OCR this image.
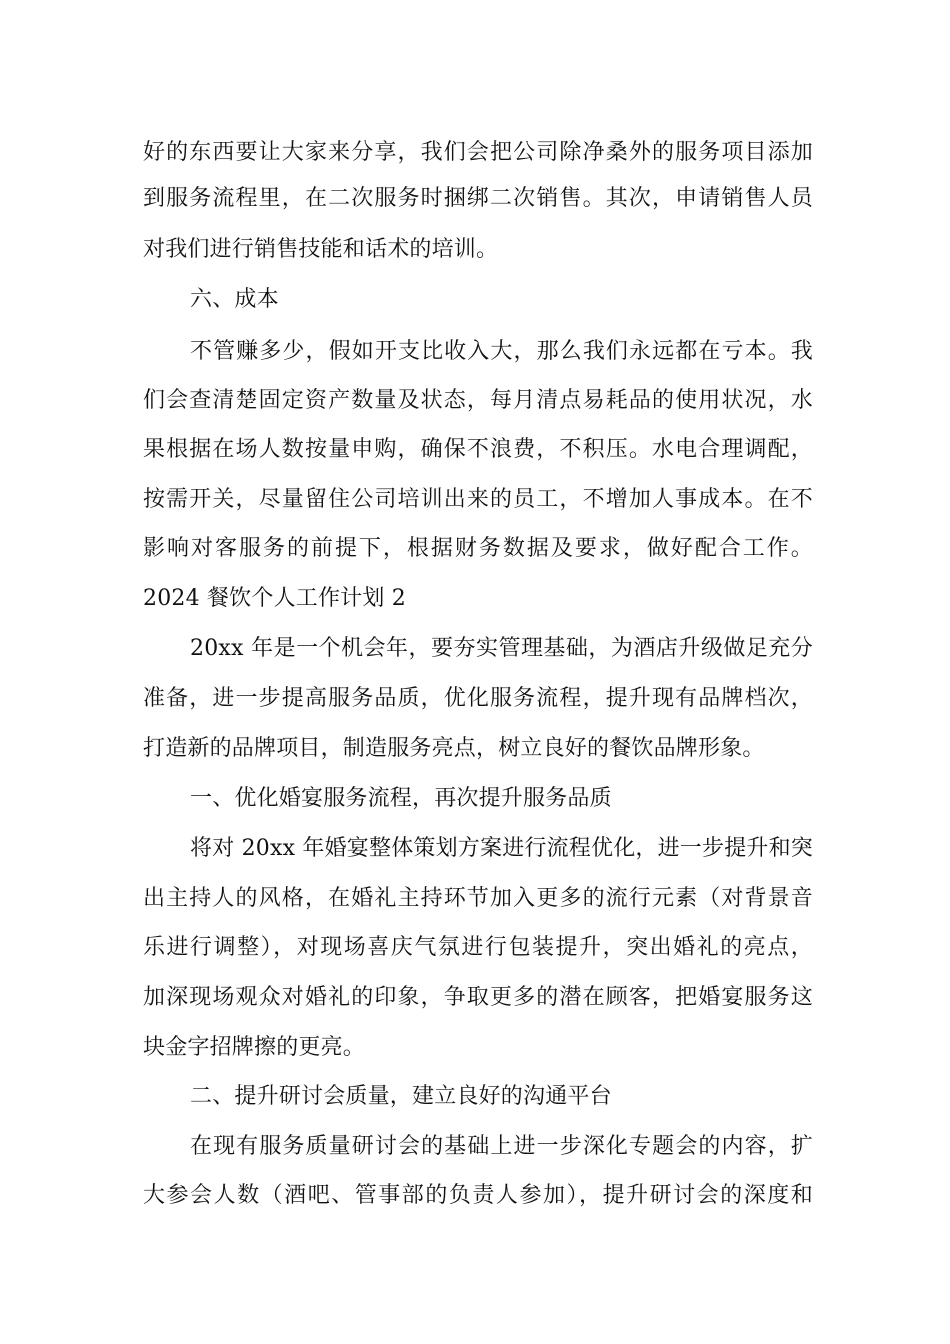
好的东西要让大家来分享，我们会把公司除净桑外的服务项目添加
到服务流程里，在二次服务时捆绑二次销售。其次，申请销售人员
对我们进行销售技能和话术的培训。
六、成本
不管赚多少，假如开支比收入大，那么我们永远都在亏本。我
们会查清楚固定资产数量及状态，每月清点易耗品的使用状况，水
果根据在场人数按量申购，确保不浪费，不积压。水电合理调配，
按需开关，尽量留住公司培训出来的员工，不增加人事成本。在不
影响对客服务的前提下，根据财务数据及要求，做好配合工作。
2024 餐饮个人工作计划 2
20xx 年是一个机会年，要夯实管理基础，为酒店升级做足充分
准备，进一步提高服务品质，优化服务流程，提升现有品牌档次，
打造新的品牌项目，制造服务亮点，树立良好的餐饮品牌形象。
一、优化婚宴服务流程，再次提升服务品质
将对 20xx 年婚宴整体策划方案进行流程优化，进一步提升和突
出主持人的风格，在婚礼主持环节加入更多的流行元素（对背景音
乐进行调整），对现场喜庆气氛进行包装提升，突出婚礼的亮点，
加深现场观众对婚礼的印象，争取更多的潜在顾客，把婚宴服务这
块金字招牌擦的更亮。
二、提升研讨会质量，建立良好的沟通平台
在现有服务质量研讨会的基础上进一步深化专题会的内容，扩
大参会人数（酒吧、管事部的负责人参加），提升研讨会的深度和
